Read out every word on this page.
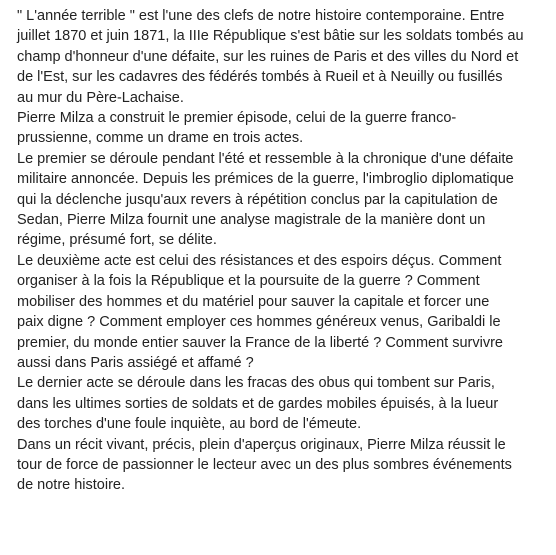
" L'année terrible " est l'une des clefs de notre histoire contemporaine. Entre
juillet 1870 et juin 1871, la IIIe République s'est bâtie sur les soldats tombés au
champ d'honneur d'une défaite, sur les ruines de Paris et des villes du Nord et
de l'Est, sur les cadavres des fédérés tombés à Rueil et à Neuilly ou fusillés
au mur du Père-Lachaise.

Pierre Milza a construit le premier épisode, celui de la guerre franco-
prussienne, comme un drame en trois actes.

Le premier se déroule pendant l'été et ressemble à la chronique d'une défaite
militaire annoncée. Depuis les prémices de la guerre, l'imbroglio diplomatique
qui la déclenche jusqu'aux revers à répétition conclus par la capitulation de
Sedan, Pierre Milza fournit une analyse magistrale de la manière dont un
régime, présumé fort, se délite.

Le deuxième acte est celui des résistances et des espoirs déçus. Comment
organiser à la fois la République et la poursuite de la guerre ? Comment
mobiliser des hommes et du matériel pour sauver la capitale et forcer une
paix digne ? Comment employer ces hommes généreux venus, Garibaldi le
premier, du monde entier sauver la France de la liberté ? Comment survivre
aussi dans Paris assiégé et affamé ?

Le dernier acte se déroule dans les fracas des obus qui tombent sur Paris,
dans les ultimes sorties de soldats et de gardes mobiles épuisés, à la lueur
des torches d'une foule inquiète, au bord de l'émeute.

Dans un récit vivant, précis, plein d'aperçus originaux, Pierre Milza réussit le
tour de force de passionner le lecteur avec un des plus sombres événements
de notre histoire.
